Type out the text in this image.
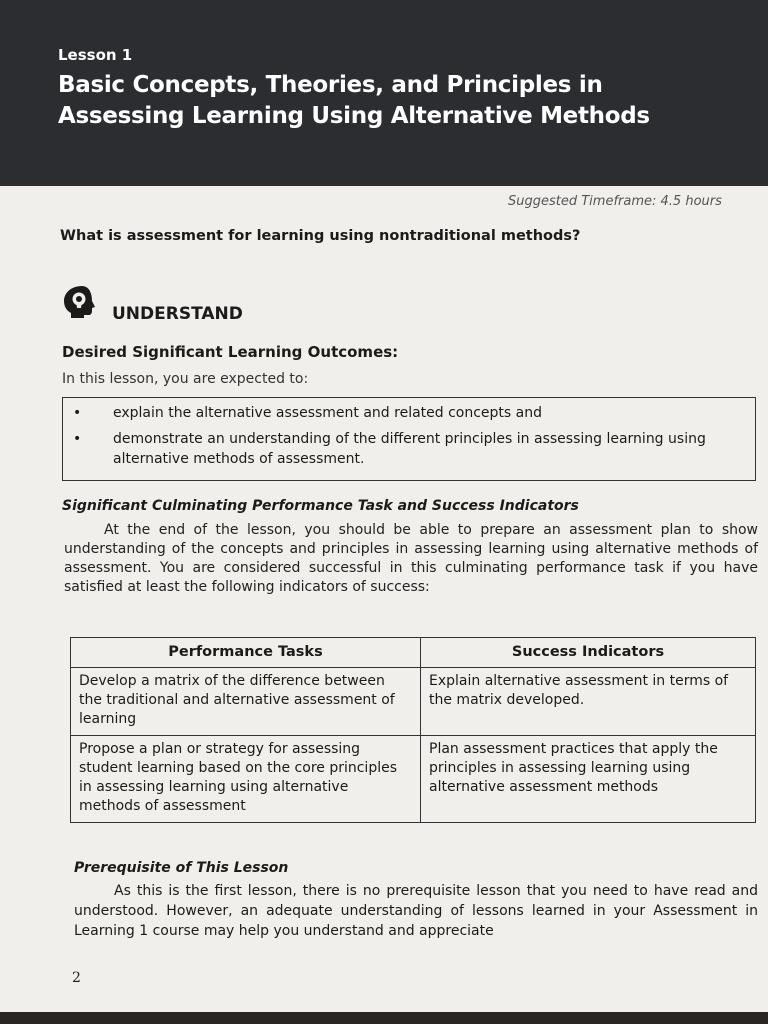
Lesson 1
Basic Concepts, Theories, and Principles in Assessing Learning Using Alternative Methods
Suggested Timeframe: 4.5 hours
What is assessment for learning using nontraditional methods?
UNDERSTAND
Desired Significant Learning Outcomes:
In this lesson, you are expected to:
• explain the alternative assessment and related concepts and
• demonstrate an understanding of the different principles in assessing learning using alternative methods of assessment.
Significant Culminating Performance Task and Success Indicators

At the end of the lesson, you should be able to prepare an assessment plan to show understanding of the concepts and principles in assessing learning using alternative methods of assessment. You are considered successful in this culminating performance task if you have satisfied at least the following indicators of success:

Performance Tasks	Success Indicators
Develop a matrix of the difference between the traditional and alternative assessment of learning	Explain alternative assessment in terms of the matrix developed.
Propose a plan or strategy for assessing student learning based on the core principles in assessing learning using alternative methods of assessment	Plan assessment practices that apply the principles in assessing learning using alternative assessment methods
Prerequisite of This Lesson

As this is the first lesson, there is no prerequisite lesson that you need to have read and understood. However, an adequate understanding of lessons learned in your Assessment in Learning 1 course may help you understand and appreciate

2
